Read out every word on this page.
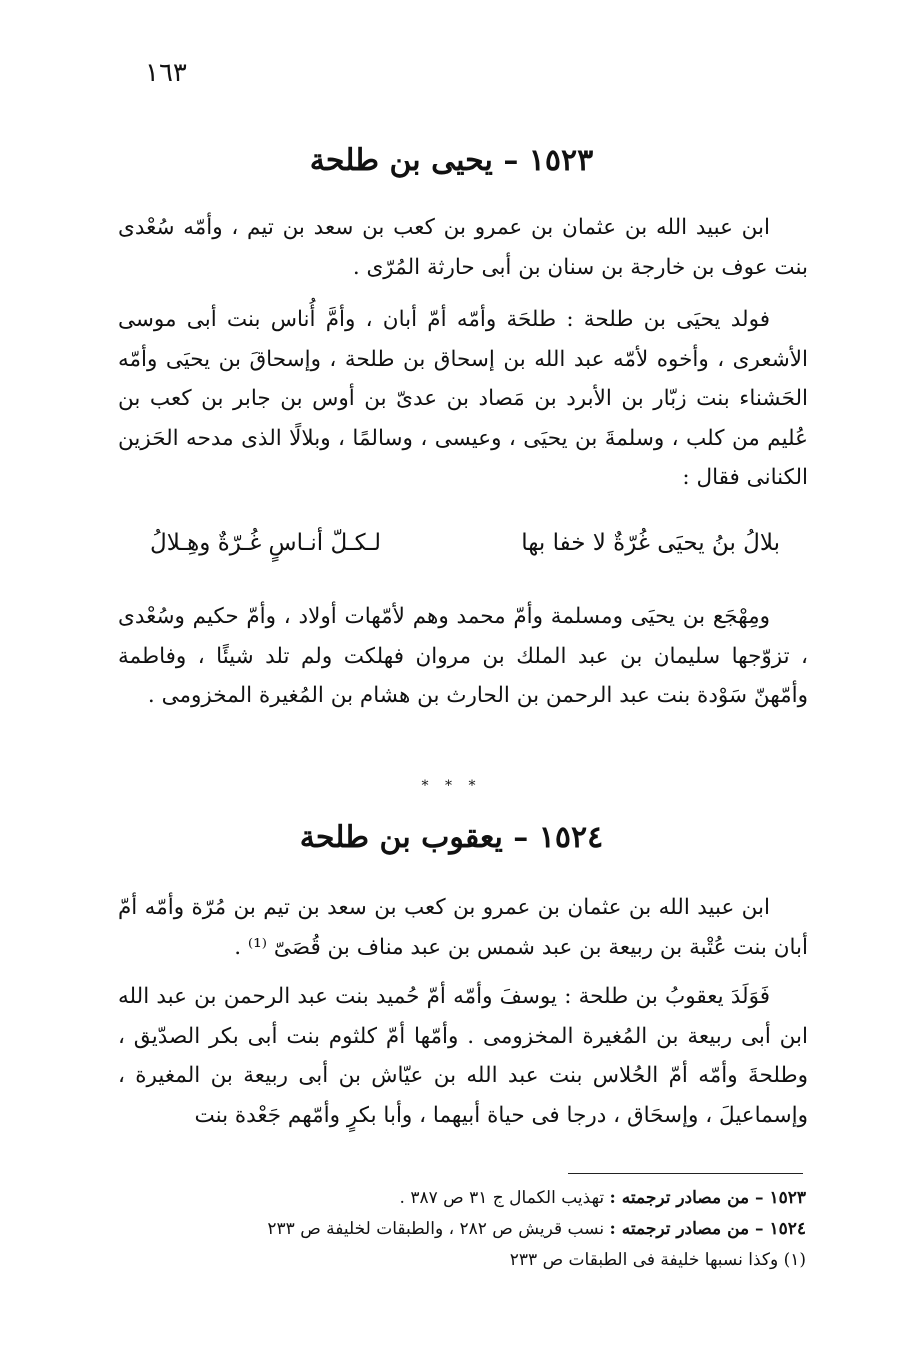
١٦٣
١٥٢٣ – يحيى بن طلحة
ابن عبيد الله بن عثمان بن عمرو بن كعب بن سعد بن تيم ، وأمّه سُعْدى بنت عوف بن خارجة بن سنان بن أبى حارثة المُرّى .
فولد يحيَى بن طلحة : طلحَة وأمّه أمّ أبان ، وأمَّ أُناس بنت أبى موسى الأشعرى ، وأخوه لأمّه عبد الله بن إسحاق بن طلحة ، وإسحاقَ بن يحيَى وأمّه الحَشناء بنت زبّار بن الأبرد بن مَصاد بن عدىّ بن أوس بن جابر بن كعب بن عُليم من كلب ، وسلمةَ بن يحيَى ، وعيسى ، وسالمًا ، وبلالًا الذى مدحه الحَزين الكنانى فقال :
بلالُ بنُ يحيَى غُرّةٌ لا خفا بها
لـكـلّ أنـاسٍ غُـرّةٌ وهِـلالُ
ومِهْجَع بن يحيَى ومسلمة وأمّ محمد وهم لأمّهات أولاد ، وأمّ حكيم وسُعْدى ، تزوّجها سليمان بن عبد الملك بن مروان فهلكت ولم تلد شيئًا ، وفاطمة وأمّهنّ سَوْدة بنت عبد الرحمن بن الحارث بن هشام بن المُغيرة المخزومى .
* * *
١٥٢٤ – يعقوب بن طلحة
ابن عبيد الله بن عثمان بن عمرو بن كعب بن سعد بن تيم بن مُرّة وأمّه أمّ أبان بنت عُتْبة بن ربيعة بن عبد شمس بن عبد مناف بن قُصَىّ ⁽¹⁾ .
فَوَلَدَ يعقوبُ بن طلحة : يوسفَ وأمّه أمّ حُميد بنت عبد الرحمن بن عبد الله ابن أبى ربيعة بن المُغيرة المخزومى . وأمّها أمّ كلثوم بنت أبى بكر الصدّيق ، وطلحةَ وأمّه أمّ الحُلاس بنت عبد الله بن عيّاش بن أبى ربيعة بن المغيرة ، وإسماعيلَ ، وإسحَاق ، درجا فى حياة أبيهما ، وأبا بكرٍ وأمّهم جَعْدة بنت
١٥٢٣ – من مصادر ترجمته : تهذيب الكمال ج ٣١ ص ٣٨٧ .
١٥٢٤ – من مصادر ترجمته : نسب قريش ص ٢٨٢ ، والطبقات لخليفة ص ٢٣٣
(١) وكذا نسبها خليفة فى الطبقات ص ٢٣٣
